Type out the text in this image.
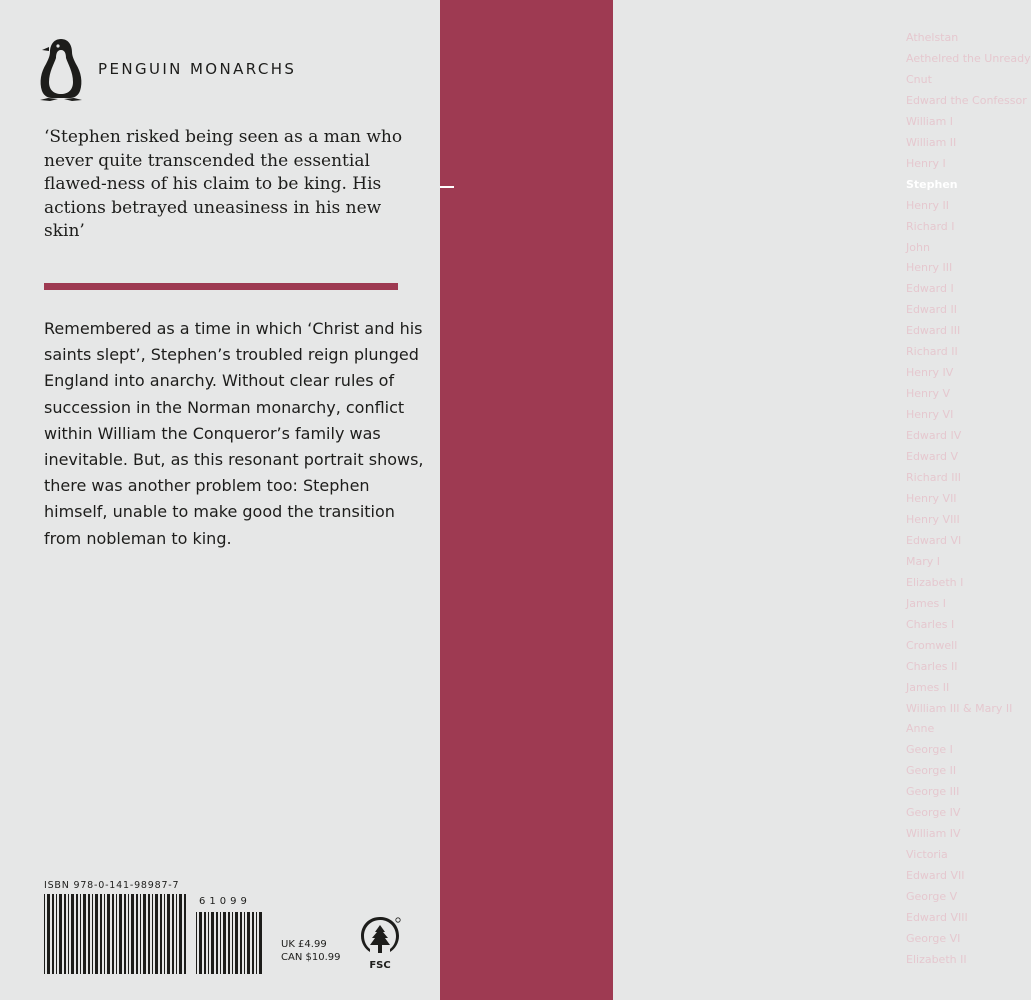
PENGUIN MONARCHS
‘Stephen risked being seen as a man who never quite transcended the essential flawed-ness of his claim to be king. His actions betrayed uneasiness in his new skin’
Remembered as a time in which ‘Christ and his saints slept’, Stephen’s troubled reign plunged England into anarchy. Without clear rules of succession in the Norman monarchy, conflict within William the Conqueror’s family was inevitable. But, as this resonant portrait shows, there was another problem too: Stephen himself, unable to make good the transition from nobleman to king.
ISBN 978-0-141-98987-7
61099
UK £4.99
CAN $10.99
FSC
Athelstan
Aethelred the Unready
Cnut
Edward the Confessor
William I
William II
Henry I
Stephen
Henry II
Richard I
John
Henry III
Edward I
Edward II
Edward III
Richard II
Henry IV
Henry V
Henry VI
Edward IV
Edward V
Richard III
Henry VII
Henry VIII
Edward VI
Mary I
Elizabeth I
James I
Charles I
Cromwell
Charles II
James II
William III & Mary II
Anne
George I
George II
George III
George IV
William IV
Victoria
Edward VII
George V
Edward VIII
George VI
Elizabeth II
